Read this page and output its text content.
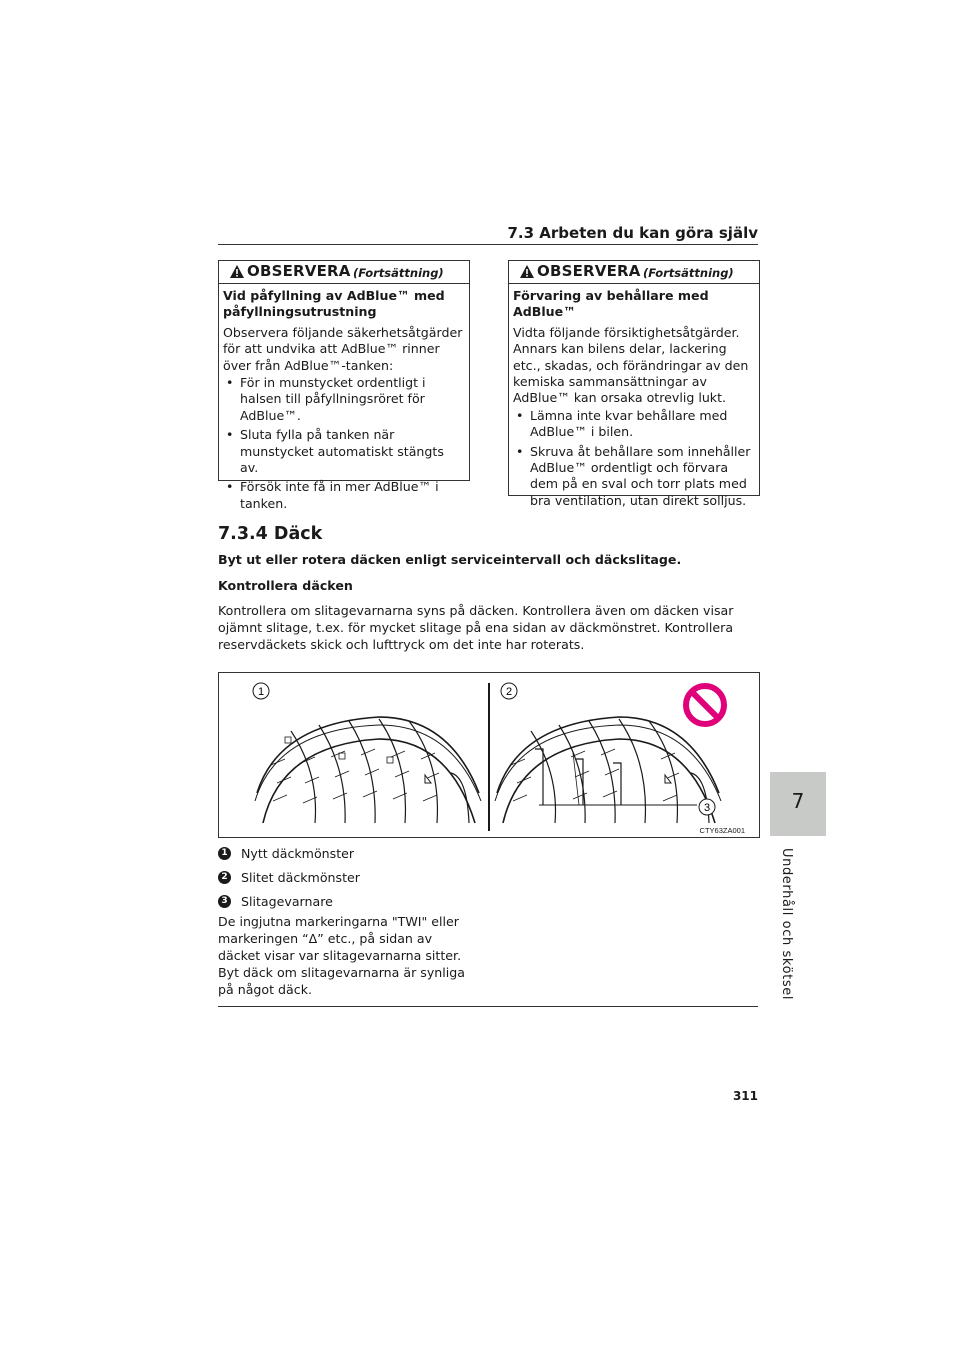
7.3 Arbeten du kan göra själv
OBSERVERA (Fortsättning)
Vid påfyllning av AdBlue™ med påfyllningsutrustning

Observera följande säkerhetsåtgärder för att undvika att AdBlue™ rinner över från AdBlue™-tanken:

• För in munstycket ordentligt i halsen till påfyllningsröret för AdBlue™.
• Sluta fylla på tanken när munstycket automatiskt stängts av.
• Försök inte få in mer AdBlue™ i tanken.
OBSERVERA (Fortsättning)
Förvaring av behållare med AdBlue™

Vidta följande försiktighetsåtgärder. Annars kan bilens delar, lackering etc., skadas, och förändringar av den kemiska sammansättningar av AdBlue™ kan orsaka otrevlig lukt.

• Lämna inte kvar behållare med AdBlue™ i bilen.
• Skruva åt behållare som innehåller AdBlue™ ordentligt och förvara dem på en sval och torr plats med bra ventilation, utan direkt solljus.
7.3.4 Däck
Byt ut eller rotera däcken enligt serviceintervall och däckslitage.
Kontrollera däcken

Kontrollera om slitagevarnarna syns på däcken. Kontrollera även om däcken visar ojämnt slitage, t.ex. för mycket slitage på ena sidan av däckmönstret. Kontrollera reservdäckets skick och lufttryck om det inte har roterats.

1	2
3
CTY63ZA001
1 Nytt däckmönster
2 Slitet däckmönster
3 Slitagevarnare

De ingjutna markeringarna "TWI" eller markeringen “Δ” etc., på sidan av däcket visar var slitagevarnarna sitter. Byt däck om slitagevarnarna är synliga på något däck.

311
7
Underhåll och skötsel
